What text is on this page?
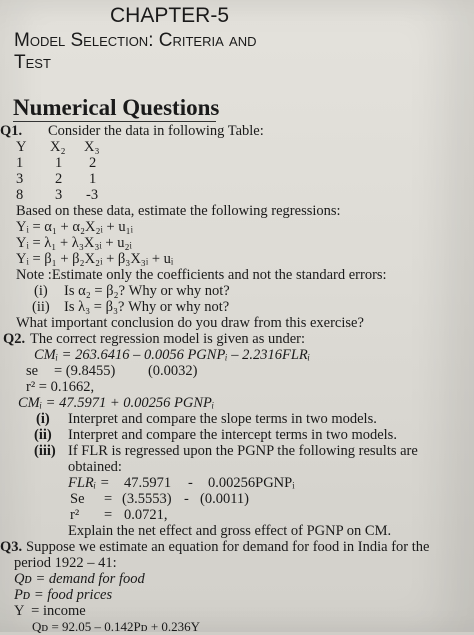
CHAPTER-5
Model Selection: Criteria and
Test
Numerical Questions
Q1. Consider the data in following Table:
Y X₂ X₃
1 1 2
3 2 1
8 3 -3
Based on these data, estimate the following regressions:
Yᵢ = α₁ + α₂X₂ᵢ + u₁ᵢ
Yᵢ = λ₁ + λ₃X₃ᵢ + u₂ᵢ
Yᵢ = β₁ + β₂X₂ᵢ + β₃X₃ᵢ + uᵢ
Note :Estimate only the coefficients and not the standard errors:
(i) Is α₂ = β₂? Why or why not?
(ii) Is λ₃ = β₃? Why or why not?
What important conclusion do you draw from this exercise?
Q2. The correct regression model is given as under:
CMᵢ = 263.6416 – 0.0056 PGNPᵢ – 2.2316FLRᵢ
se = (9.8455)         (0.0032)
r² = 0.1662,
CMᵢ = 47.5971 + 0.00256 PGNPᵢ
(i) Interpret and compare the slope terms in two models.
(ii) Interpret and compare the intercept terms in two models.
(iii) If FLR is regressed upon the PGNP the following results are
obtained:
FLRᵢ = 47.5971 - 0.00256PGNPᵢ
Se = (3.5553) - (0.0011)
r² = 0.0721,
Explain the net effect and gross effect of PGNP on CM.
Q3. Suppose we estimate an equation for demand for food in India for the
period 1922 – 41:
Qᴅ = demand for food
Pᴅ = food prices
Y  = income
Qᴅ = 92.05 – 0.142Pᴅ + 0.236Y
